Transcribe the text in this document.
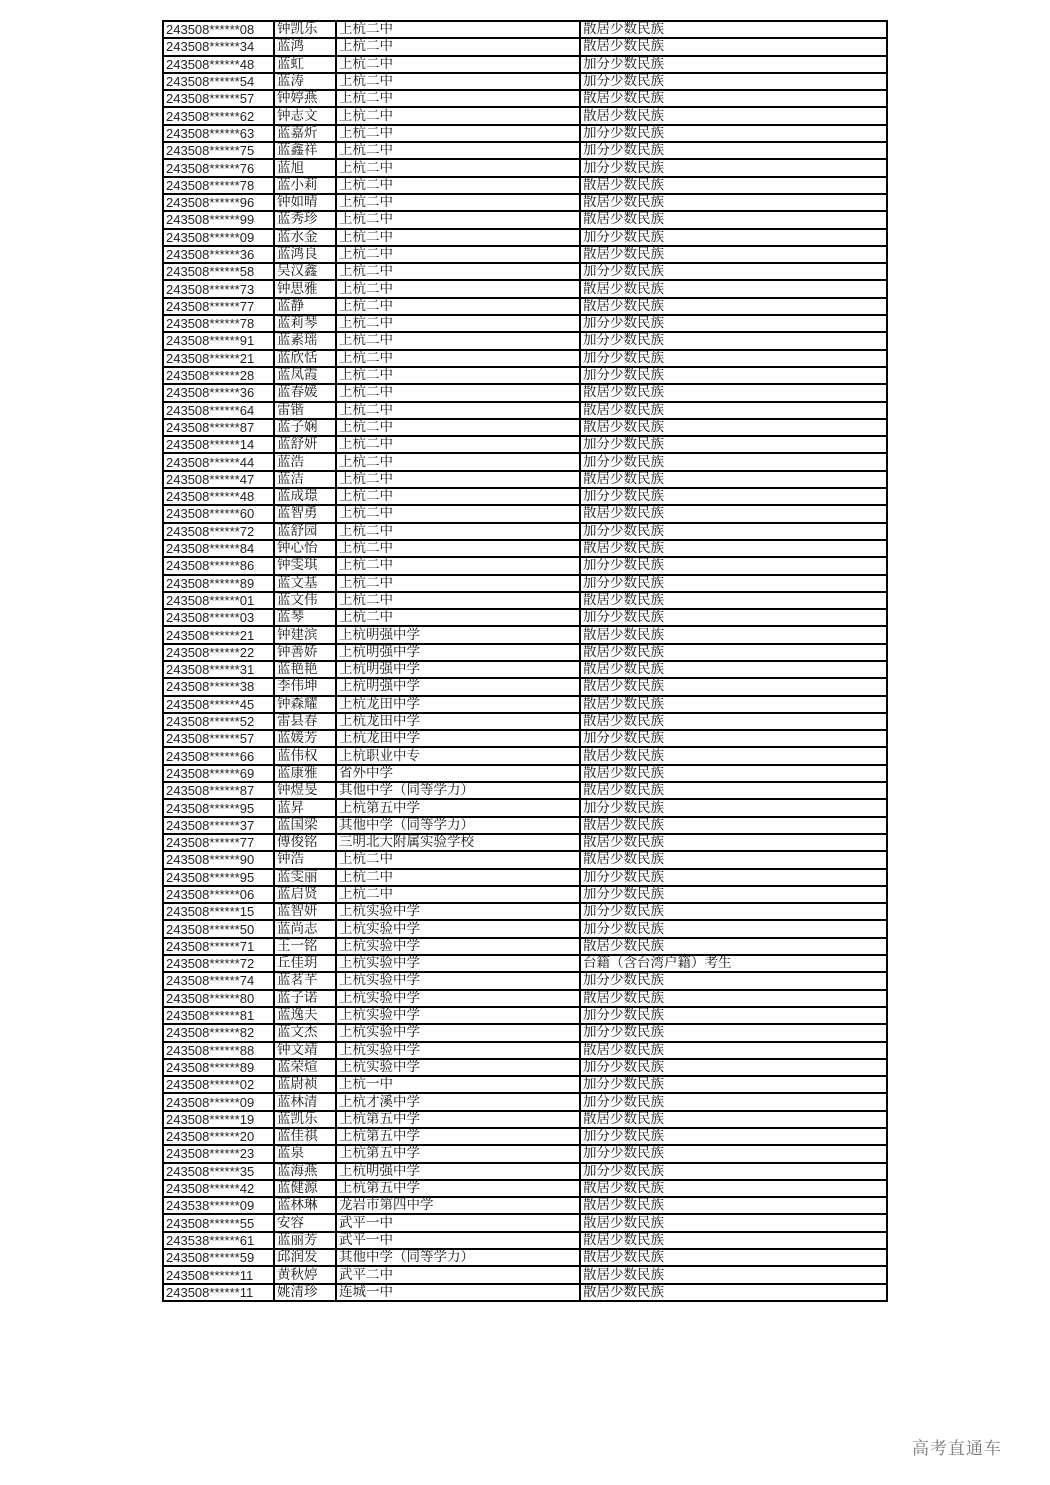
243508******08	钟凯乐	上杭二中	散居少数民族
243508******34	蓝鸿	上杭二中	散居少数民族
243508******48	蓝虹	上杭二中	加分少数民族
243508******54	蓝涛	上杭二中	加分少数民族
243508******57	钟婷燕	上杭二中	散居少数民族
243508******62	钟志文	上杭二中	散居少数民族
243508******63	蓝嘉炘	上杭二中	加分少数民族
243508******75	蓝鑫祥	上杭二中	加分少数民族
243508******76	蓝旭	上杭二中	加分少数民族
243508******78	蓝小莉	上杭二中	散居少数民族
243508******96	钟如晴	上杭二中	散居少数民族
243508******99	蓝秀珍	上杭二中	散居少数民族
243508******09	蓝水金	上杭二中	加分少数民族
243508******36	蓝鸿良	上杭二中	散居少数民族
243508******58	吴汉鑫	上杭二中	加分少数民族
243508******73	钟思雅	上杭二中	散居少数民族
243508******77	蓝静	上杭二中	散居少数民族
243508******78	蓝莉琴	上杭二中	加分少数民族
243508******91	蓝素瑶	上杭二中	加分少数民族
243508******21	蓝欣恬	上杭二中	加分少数民族
243508******28	蓝凤霞	上杭二中	加分少数民族
243508******36	蓝春媛	上杭二中	散居少数民族
243508******64	雷锴	上杭二中	散居少数民族
243508******87	蓝子娴	上杭二中	散居少数民族
243508******14	蓝舒妍	上杭二中	加分少数民族
243508******44	蓝浩	上杭二中	加分少数民族
243508******47	蓝洁	上杭二中	散居少数民族
243508******48	蓝成璟	上杭二中	加分少数民族
243508******60	蓝智勇	上杭二中	散居少数民族
243508******72	蓝舒园	上杭二中	加分少数民族
243508******84	钟心怡	上杭二中	散居少数民族
243508******86	钟雯琪	上杭二中	加分少数民族
243508******89	蓝文基	上杭二中	加分少数民族
243508******01	蓝文伟	上杭二中	散居少数民族
243508******03	蓝琴	上杭二中	加分少数民族
243508******21	钟建滨	上杭明强中学	散居少数民族
243508******22	钟善娇	上杭明强中学	散居少数民族
243508******31	蓝艳艳	上杭明强中学	散居少数民族
243508******38	李伟坤	上杭明强中学	散居少数民族
243508******45	钟森耀	上杭龙田中学	散居少数民族
243508******52	雷县春	上杭龙田中学	散居少数民族
243508******57	蓝媛芳	上杭龙田中学	加分少数民族
243508******66	蓝伟权	上杭职业中专	散居少数民族
243508******69	蓝康雅	省外中学	散居少数民族
243508******87	钟煜旻	其他中学（同等学力）	散居少数民族
243508******95	蓝昇	上杭第五中学	加分少数民族
243508******37	蓝国梁	其他中学（同等学力）	散居少数民族
243508******77	傅俊铭	三明北大附属实验学校	散居少数民族
243508******90	钟浩	上杭二中	散居少数民族
243508******95	蓝雯丽	上杭二中	加分少数民族
243508******06	蓝启贤	上杭二中	加分少数民族
243508******15	蓝智妍	上杭实验中学	加分少数民族
243508******50	蓝尚志	上杭实验中学	加分少数民族
243508******71	王一铭	上杭实验中学	散居少数民族
243508******72	丘佳玥	上杭实验中学	台籍（含台湾户籍）考生
243508******74	蓝茗芊	上杭实验中学	加分少数民族
243508******80	蓝子诺	上杭实验中学	散居少数民族
243508******81	蓝逸夫	上杭实验中学	加分少数民族
243508******82	蓝文杰	上杭实验中学	加分少数民族
243508******88	钟文靖	上杭实验中学	散居少数民族
243508******89	蓝荣煊	上杭实验中学	加分少数民族
243508******02	蓝尉祯	上杭一中	加分少数民族
243508******09	蓝林清	上杭才溪中学	加分少数民族
243508******19	蓝凯乐	上杭第五中学	散居少数民族
243508******20	蓝佳祺	上杭第五中学	加分少数民族
243508******23	蓝泉	上杭第五中学	加分少数民族
243508******35	蓝海燕	上杭明强中学	加分少数民族
243508******42	蓝健源	上杭第五中学	散居少数民族
243538******09	蓝林琳	龙岩市第四中学	散居少数民族
243508******55	安容	武平一中	散居少数民族
243538******61	蓝丽芳	武平一中	散居少数民族
243508******59	邱润发	其他中学（同等学力）	散居少数民族
243508******11	黄秋婷	武平二中	散居少数民族
243508******11	姚清珍	连城一中	散居少数民族
高考直通车
